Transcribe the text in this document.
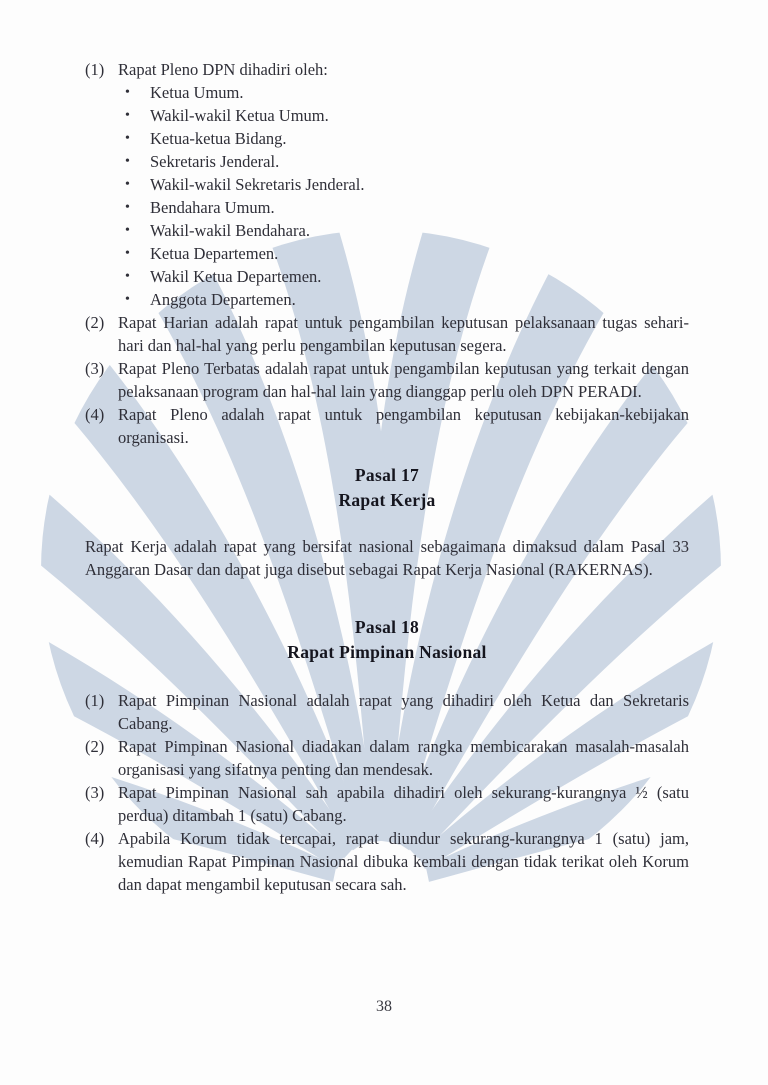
(1) Rapat Pleno DPN dihadiri oleh:
•	Ketua Umum.
•	Wakil-wakil Ketua Umum.
•	Ketua-ketua Bidang.
•	Sekretaris Jenderal.
•	Wakil-wakil Sekretaris Jenderal.
•	Bendahara Umum.
•	Wakil-wakil Bendahara.
•	Ketua Departemen.
•	Wakil Ketua Departemen.
•	Anggota Departemen.
(2) Rapat Harian adalah rapat untuk pengambilan keputusan pelaksanaan tugas sehari-hari dan hal-hal yang perlu pengambilan keputusan segera.
(3) Rapat Pleno Terbatas adalah rapat untuk pengambilan keputusan yang terkait dengan pelaksanaan program dan hal-hal lain yang dianggap perlu oleh DPN PERADI.
(4) Rapat Pleno adalah rapat untuk pengambilan keputusan kebijakan-kebijakan organisasi.
Pasal 17
Rapat Kerja
Rapat Kerja adalah rapat yang bersifat nasional sebagaimana dimaksud dalam Pasal 33 Anggaran Dasar dan dapat juga disebut sebagai Rapat Kerja Nasional (RAKERNAS).
Pasal 18
Rapat Pimpinan Nasional
(1) Rapat Pimpinan Nasional adalah rapat yang dihadiri oleh Ketua dan Sekretaris Cabang.
(2) Rapat Pimpinan Nasional diadakan dalam rangka membicarakan masalah-masalah organisasi yang sifatnya penting dan mendesak.
(3) Rapat Pimpinan Nasional sah apabila dihadiri oleh sekurang-kurangnya ½ (satu perdua) ditambah 1 (satu) Cabang.
(4) Apabila Korum tidak tercapai, rapat diundur sekurang-kurangnya 1 (satu) jam, kemudian Rapat Pimpinan Nasional dibuka kembali dengan tidak terikat oleh Korum dan dapat mengambil keputusan secara sah.
38
